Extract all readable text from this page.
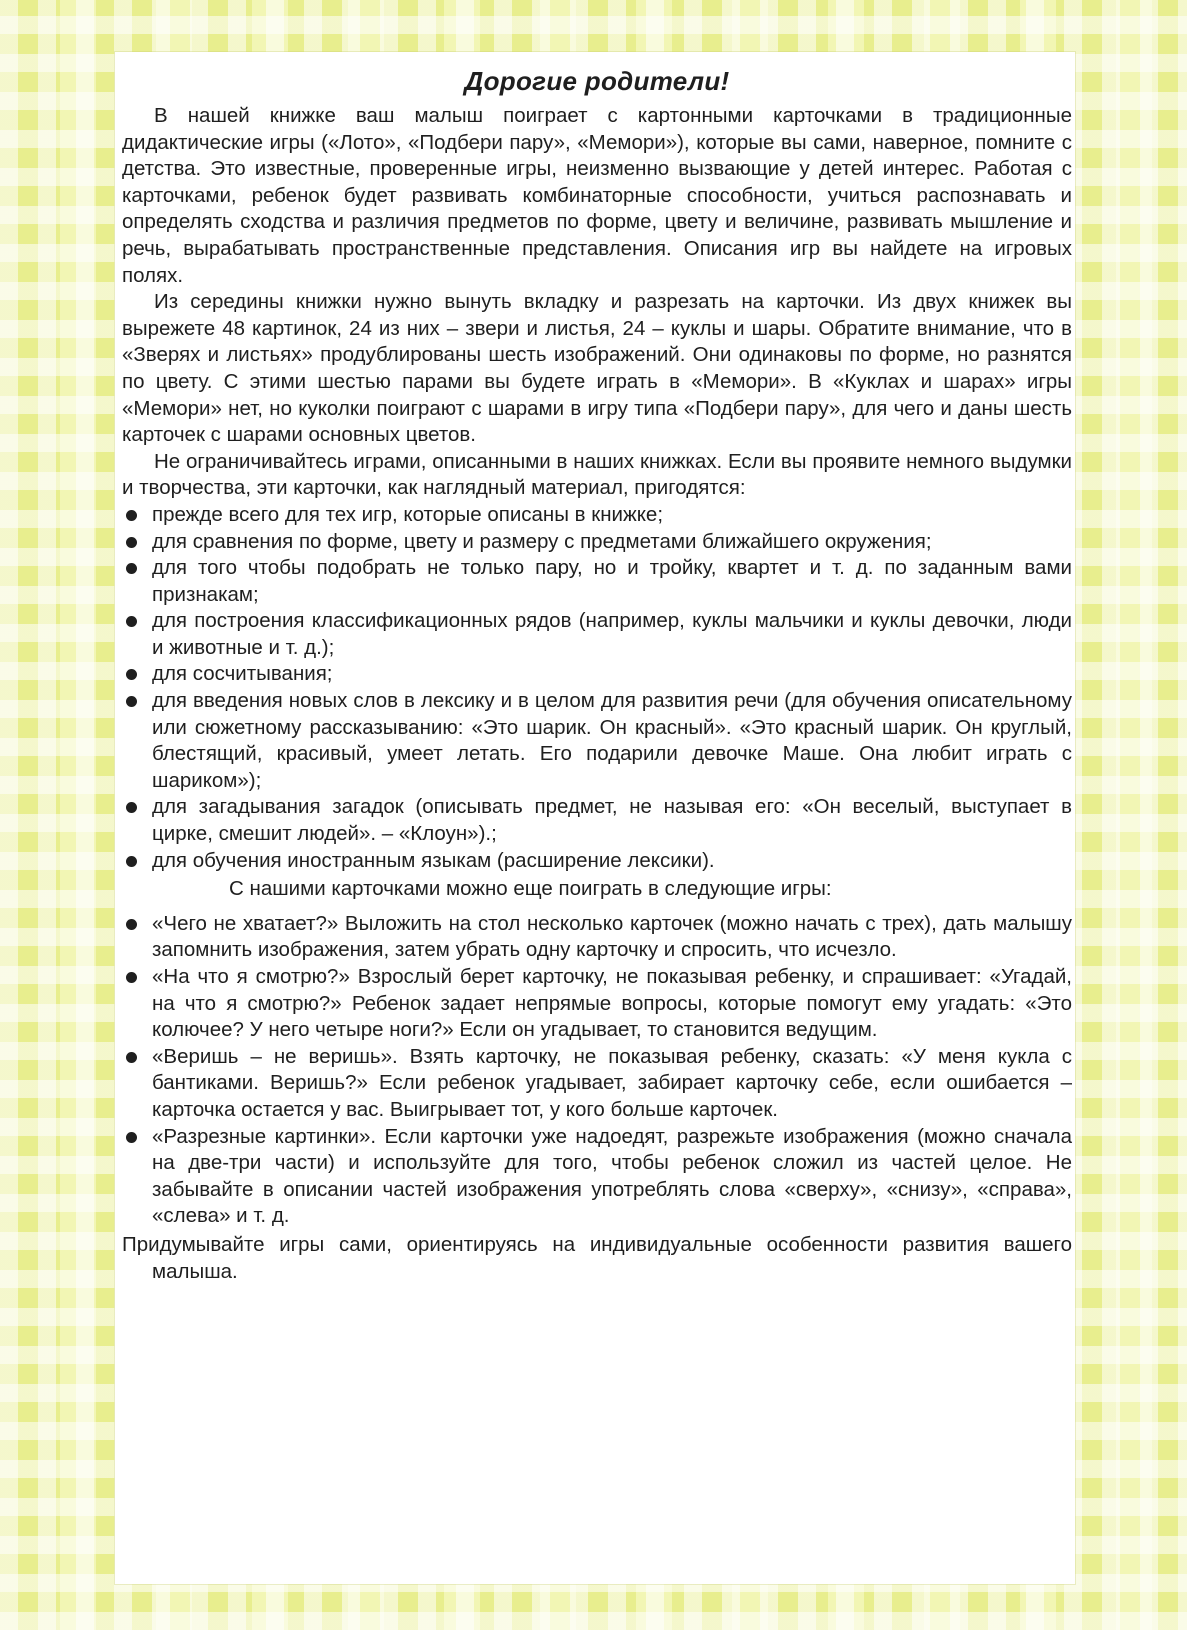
Дорогие родители!

В нашей книжке ваш малыш поиграет с картонными карточками в традиционные дидактические игры («Лото», «Подбери пару», «Мемори»), которые вы сами, наверное, помните с детства. Это известные, проверенные игры, неизменно вызвающие у детей интерес. Работая с карточками, ребенок будет развивать комбинаторные способности, учиться распознавать и определять сходства и различия предметов по форме, цвету и величине, развивать мышление и речь, вырабатывать пространственные представления. Описания игр вы найдете на игровых полях.

Из середины книжки нужно вынуть вкладку и разрезать на карточки. Из двух книжек вы вырежете 48 картинок, 24 из них – звери и листья, 24 – куклы и шары. Обратите внимание, что в «Зверях и листьях» продублированы шесть изображений. Они одинаковы по форме, но разнятся по цвету. С этими шестью парами вы будете играть в «Мемори». В «Куклах и шарах» игры «Мемори» нет, но куколки поиграют с шарами в игру типа «Подбери пару», для чего и даны шесть карточек с шарами основных цветов.

Не ограничивайтесь играми, описанными в наших книжках. Если вы проявите немного выдумки и творчества, эти карточки, как наглядный материал, пригодятся:

прежде всего для тех игр, которые описаны в книжке;
для сравнения по форме, цвету и размеру с предметами ближайшего окружения;
для того чтобы подобрать не только пару, но и тройку, квартет и т. д. по заданным вами признакам;
для построения классификационных рядов (например, куклы мальчики и куклы девочки, люди и животные и т. д.);
для сосчитывания;
для введения новых слов в лексику и в целом для развития речи (для обучения описательному или сюжетному рассказыванию: «Это шарик. Он красный». «Это красный шарик. Он круглый, блестящий, красивый, умеет летать. Его подарили девочке Маше. Она любит играть с шариком»);
для загадывания загадок (описывать предмет, не называя его: «Он веселый, выступает в цирке, смешит людей». – «Клоун»).;
для обучения иностранным языкам (расширение лексики).

С нашими карточками можно еще поиграть в следующие игры:

«Чего не хватает?» Выложить на стол несколько карточек (можно начать с трех), дать малышу запомнить изображения, затем убрать одну карточку и спросить, что исчезло.
«На что я смотрю?» Взрослый берет карточку, не показывая ребенку, и спрашивает: «Угадай, на что я смотрю?» Ребенок задает непрямые вопросы, которые помогут ему угадать: «Это колючее? У него четыре ноги?» Если он угадывает, то становится ведущим.
«Веришь – не веришь». Взять карточку, не показывая ребенку, сказать: «У меня кукла с бантиками. Веришь?» Если ребенок угадывает, забирает карточку себе, если ошибается – карточка остается у вас. Выигрывает тот, у кого больше карточек.
«Разрезные картинки». Если карточки уже надоедят, разрежьте изображения (можно сначала на две-три части) и используйте для того, чтобы ребенок сложил из частей целое. Не забывайте в описании частей изображения употреблять слова «сверху», «снизу», «справа», «слева» и т. д.

Придумывайте игры сами, ориентируясь на индивидуальные особенности развития вашего малыша.
